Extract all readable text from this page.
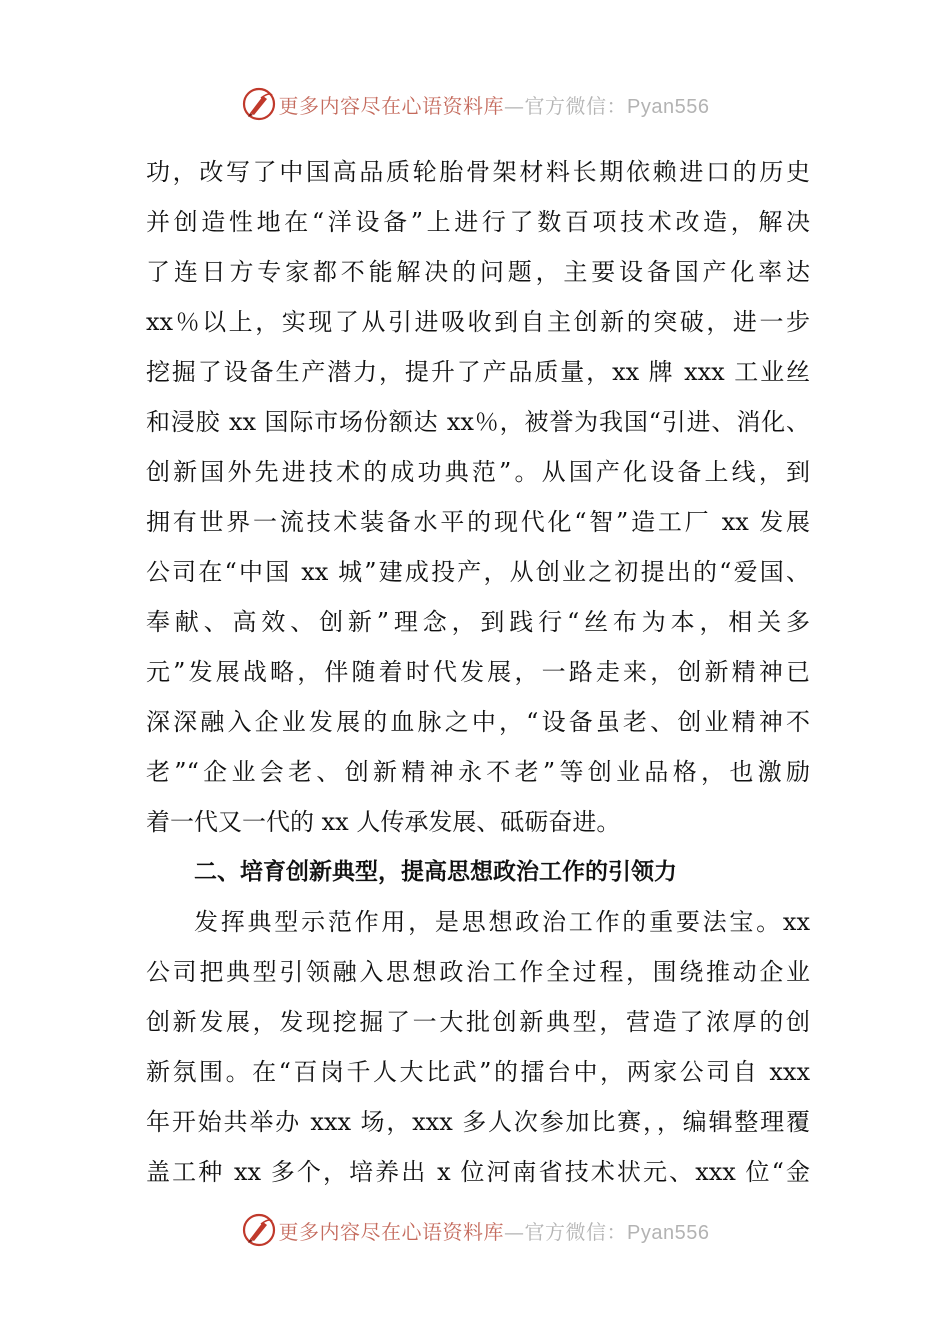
更多内容尽在心语资料库—官方微信：Pyan556
功，改写了中国高品质轮胎骨架材料长期依赖进口的历史
并创造性地在“洋设备”上进行了数百项技术改造，解决
了连日方专家都不能解决的问题，主要设备国产化率达
xx％以上，实现了从引进吸收到自主创新的突破，进一步
挖掘了设备生产潜力，提升了产品质量，xx 牌 xxx 工业丝
和浸胶 xx 国际市场份额达 xx％，被誉为我国“引进、消化、
创新国外先进技术的成功典范”。从国产化设备上线，到
拥有世界一流技术装备水平的现代化“智”造工厂 xx 发展
公司在“中国 xx 城”建成投产，从创业之初提出的“爱国、
奉献、高效、创新”理念，到践行“丝布为本，相关多
元”发展战略，伴随着时代发展，一路走来，创新精神已
深深融入企业发展的血脉之中，“设备虽老、创业精神不
老”“企业会老、创新精神永不老”等创业品格，也激励
着一代又一代的 xx 人传承发展、砥砺奋进。
二、培育创新典型，提高思想政治工作的引领力
发挥典型示范作用，是思想政治工作的重要法宝。xx
公司把典型引领融入思想政治工作全过程，围绕推动企业
创新发展，发现挖掘了一大批创新典型，营造了浓厚的创
新氛围。在“百岗千人大比武”的擂台中，两家公司自 xxx
年开始共举办 xxx 场，xxx 多人次参加比赛，，编辑整理覆
盖工种 xx 多个，培养出 x 位河南省技术状元、xxx 位“金
更多内容尽在心语资料库—官方微信：Pyan556
